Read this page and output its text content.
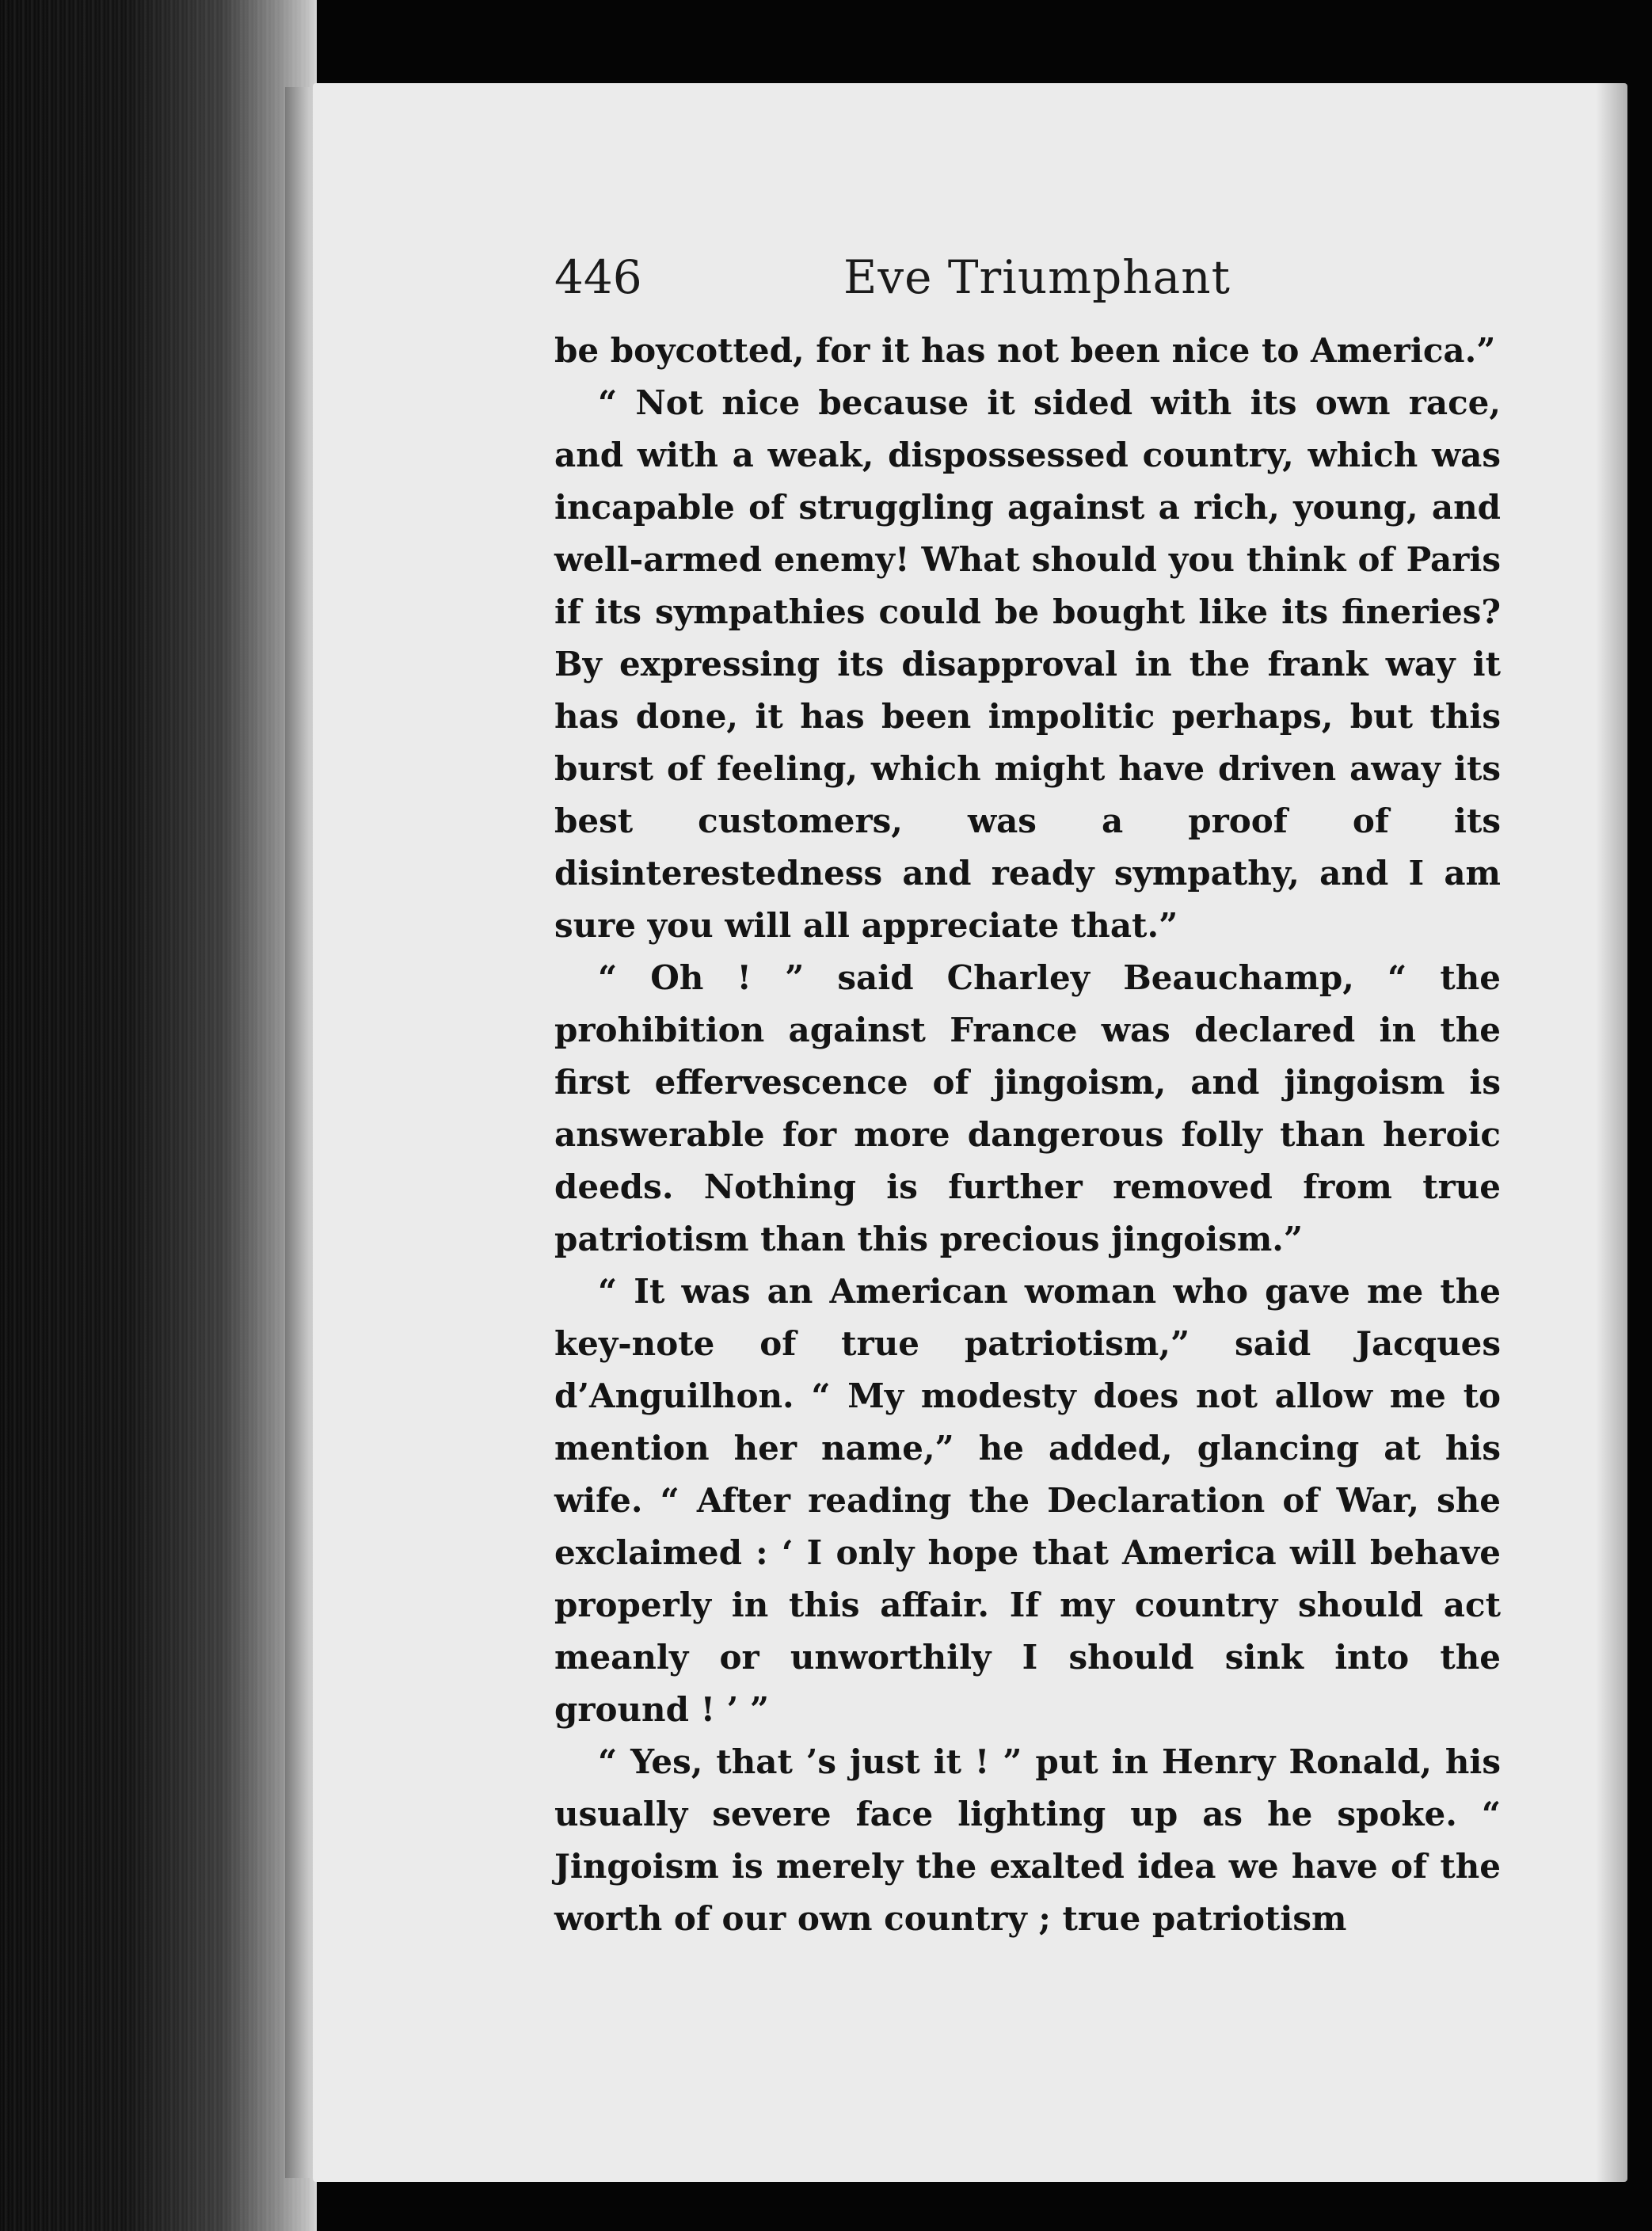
446	Eve Triumphant

be boycotted, for it has not been nice to America.”

“ Not nice because it sided with its own race, and with a weak, dispossessed country, which was incapable of struggling against a rich, young, and well-armed enemy! What should you think of Paris if its sympathies could be bought like its fineries? By expressing its disapproval in the frank way it has done, it has been impolitic perhaps, but this burst of feeling, which might have driven away its best customers, was a proof of its disinterestedness and ready sympathy, and I am sure you will all appreciate that.”

“ Oh ! ” said Charley Beauchamp, “ the prohibition against France was declared in the first effervescence of jingoism, and jingoism is answerable for more dangerous folly than heroic deeds. Nothing is further removed from true patriotism than this precious jingoism.”

“ It was an American woman who gave me the key-note of true patriotism,” said Jacques d’Anguilhon. “ My modesty does not allow me to mention her name,” he added, glancing at his wife. “ After reading the Declaration of War, she exclaimed : ‘ I only hope that America will behave properly in this affair. If my country should act meanly or unworthily I should sink into the ground ! ’ ”

“ Yes, that ’s just it ! ” put in Henry Ronald, his usually severe face lighting up as he spoke. “ Jingoism is merely the exalted idea we have of the worth of our own country ; true patriotism
